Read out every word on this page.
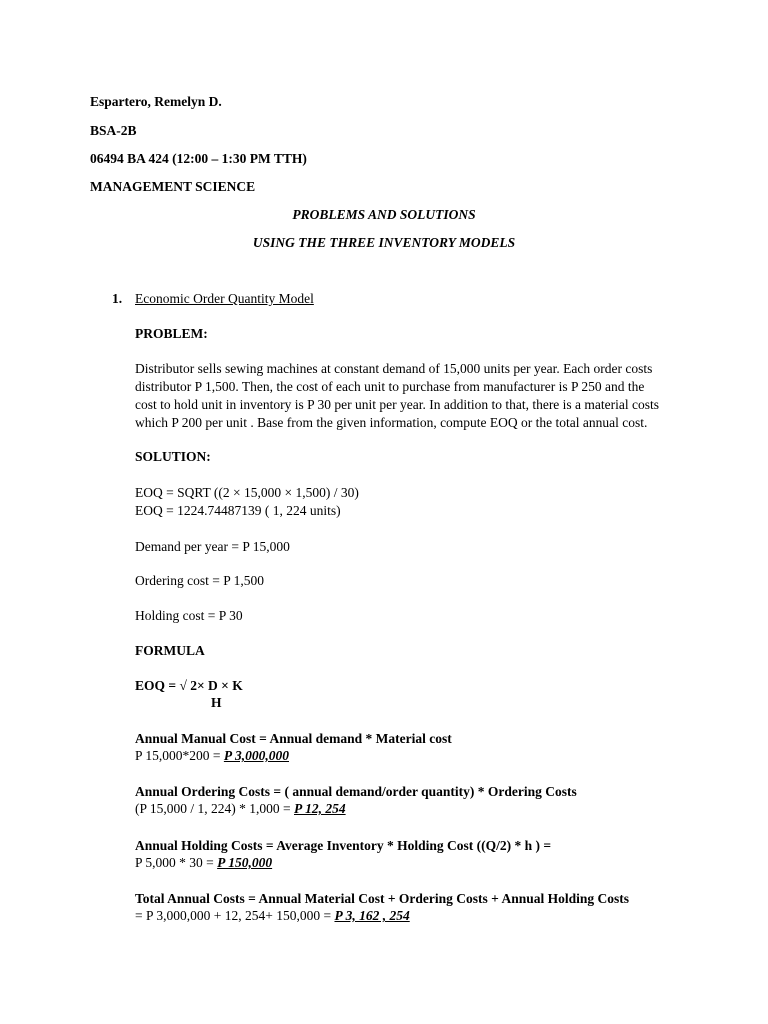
Espartero, Remelyn D.
BSA-2B
06494 BA 424 (12:00 – 1:30 PM TTH)
MANAGEMENT SCIENCE
PROBLEMS AND SOLUTIONS
USING THE THREE INVENTORY MODELS
1. Economic Order Quantity Model
PROBLEM:
Distributor sells sewing machines at constant demand of 15,000 units per year. Each order costs
distributor P 1,500. Then, the cost of each unit to purchase from manufacturer is P 250 and the
cost to hold unit in inventory is P 30 per unit per year. In addition to that, there is a material costs
which P 200 per unit . Base from the given information, compute EOQ or the total annual cost.
SOLUTION:
EOQ = SQRT ((2 × 15,000 × 1,500) / 30)
EOQ = 1224.74487139 ( 1, 224 units)
Demand per year = P 15,000
Ordering cost = P 1,500
Holding cost = P 30
FORMULA
EOQ = √ 2× D × K
H
Annual Manual Cost = Annual demand * Material cost
P 15,000*200 = P 3,000,000
Annual Ordering Costs = ( annual demand/order quantity) * Ordering Costs
(P 15,000 / 1, 224) * 1,000 = P 12, 254
Annual Holding Costs = Average Inventory * Holding Cost ((Q/2) * h ) =
P 5,000 * 30 = P 150,000
Total Annual Costs = Annual Material Cost + Ordering Costs + Annual Holding Costs
= P 3,000,000 + 12, 254+ 150,000 = P 3, 162 , 254
